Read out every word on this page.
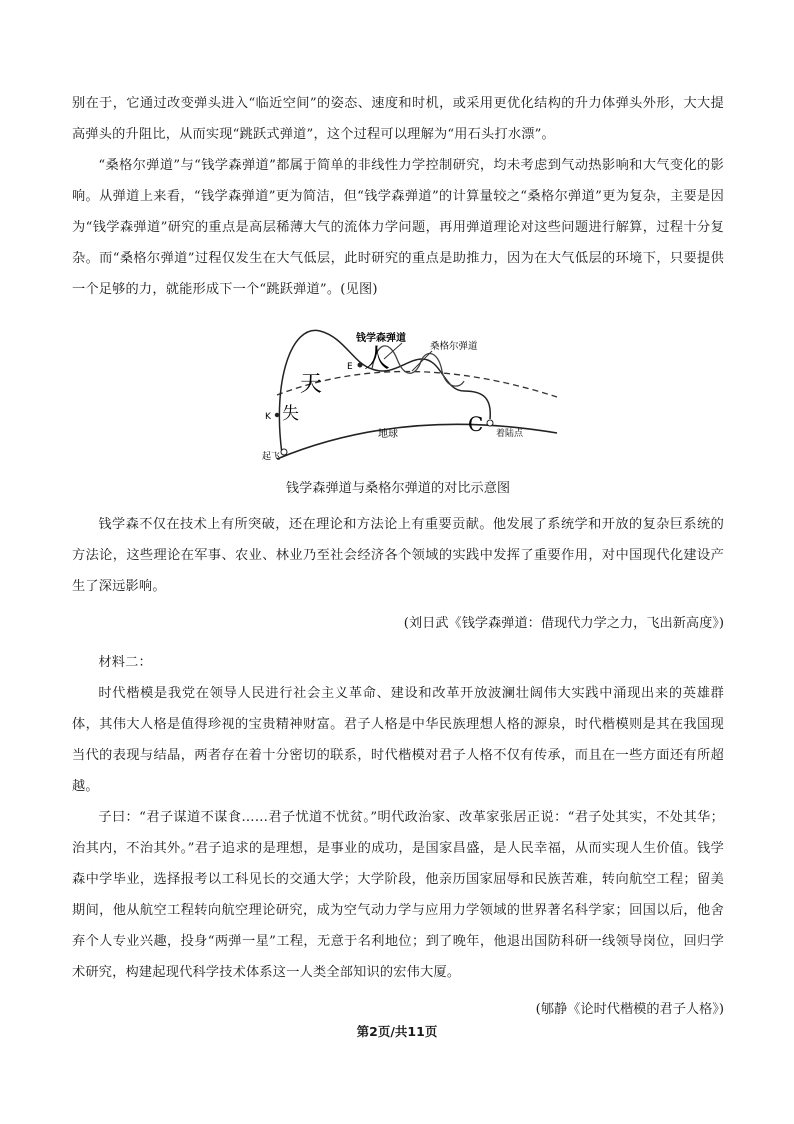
别在于，它通过改变弹头进入“临近空间”的姿态、速度和时机，或采用更优化结构的升力体弹头外形，大大提高弹头的升阻比，从而实现“跳跃式弹道”，这个过程可以理解为“用石头打水漂”。

“桑格尔弹道”与“钱学森弹道”都属于简单的非线性力学控制研究，均未考虑到气动热影响和大气变化的影响。从弹道上来看，“钱学森弹道”更为简洁，但“钱学森弹道”的计算量较之“桑格尔弹道”更为复杂，主要是因为“钱学森弹道”研究的重点是高层稀薄大气的流体力学问题，再用弹道理论对这些问题进行解算，过程十分复杂。而“桑格尔弹道”过程仅发生在大气低层，此时研究的重点是助推力，因为在大气低层的环境下，只要提供一个足够的力，就能形成下一个“跳跃弹道”。(见图)

钱学森弹道
桑格尔弹道
地球
起飞
着陆点
E
K	C
人
天
失
钱学森弹道与桑格尔弹道的对比示意图

钱学森不仅在技术上有所突破，还在理论和方法论上有重要贡献。他发展了系统学和开放的复杂巨系统的方法论，这些理论在军事、农业、林业乃至社会经济各个领域的实践中发挥了重要作用，对中国现代化建设产生了深远影响。

(刘日武《钱学森弹道：借现代力学之力，飞出新高度》)

材料二：

时代楷模是我党在领导人民进行社会主义革命、建设和改革开放波澜壮阔伟大实践中涌现出来的英雄群体，其伟大人格是值得珍视的宝贵精神财富。君子人格是中华民族理想人格的源泉，时代楷模则是其在我国现当代的表现与结晶，两者存在着十分密切的联系，时代楷模对君子人格不仅有传承，而且在一些方面还有所超越。

子曰：“君子谋道不谋食……君子忧道不忧贫。”明代政治家、改革家张居正说：“君子处其实，不处其华；治其内，不治其外。”君子追求的是理想，是事业的成功，是国家昌盛，是人民幸福，从而实现人生价值。钱学森中学毕业，选择报考以工科见长的交通大学；大学阶段，他亲历国家屈辱和民族苦难，转向航空工程；留美期间，他从航空工程转向航空理论研究，成为空气动力学与应用力学领域的世界著名科学家；回国以后，他舍弃个人专业兴趣，投身“两弹一星”工程，无意于名利地位；到了晚年，他退出国防科研一线领导岗位，回归学术研究，构建起现代科学技术体系这一人类全部知识的宏伟大厦。

(郇静《论时代楷模的君子人格》)
第2页/共11页
